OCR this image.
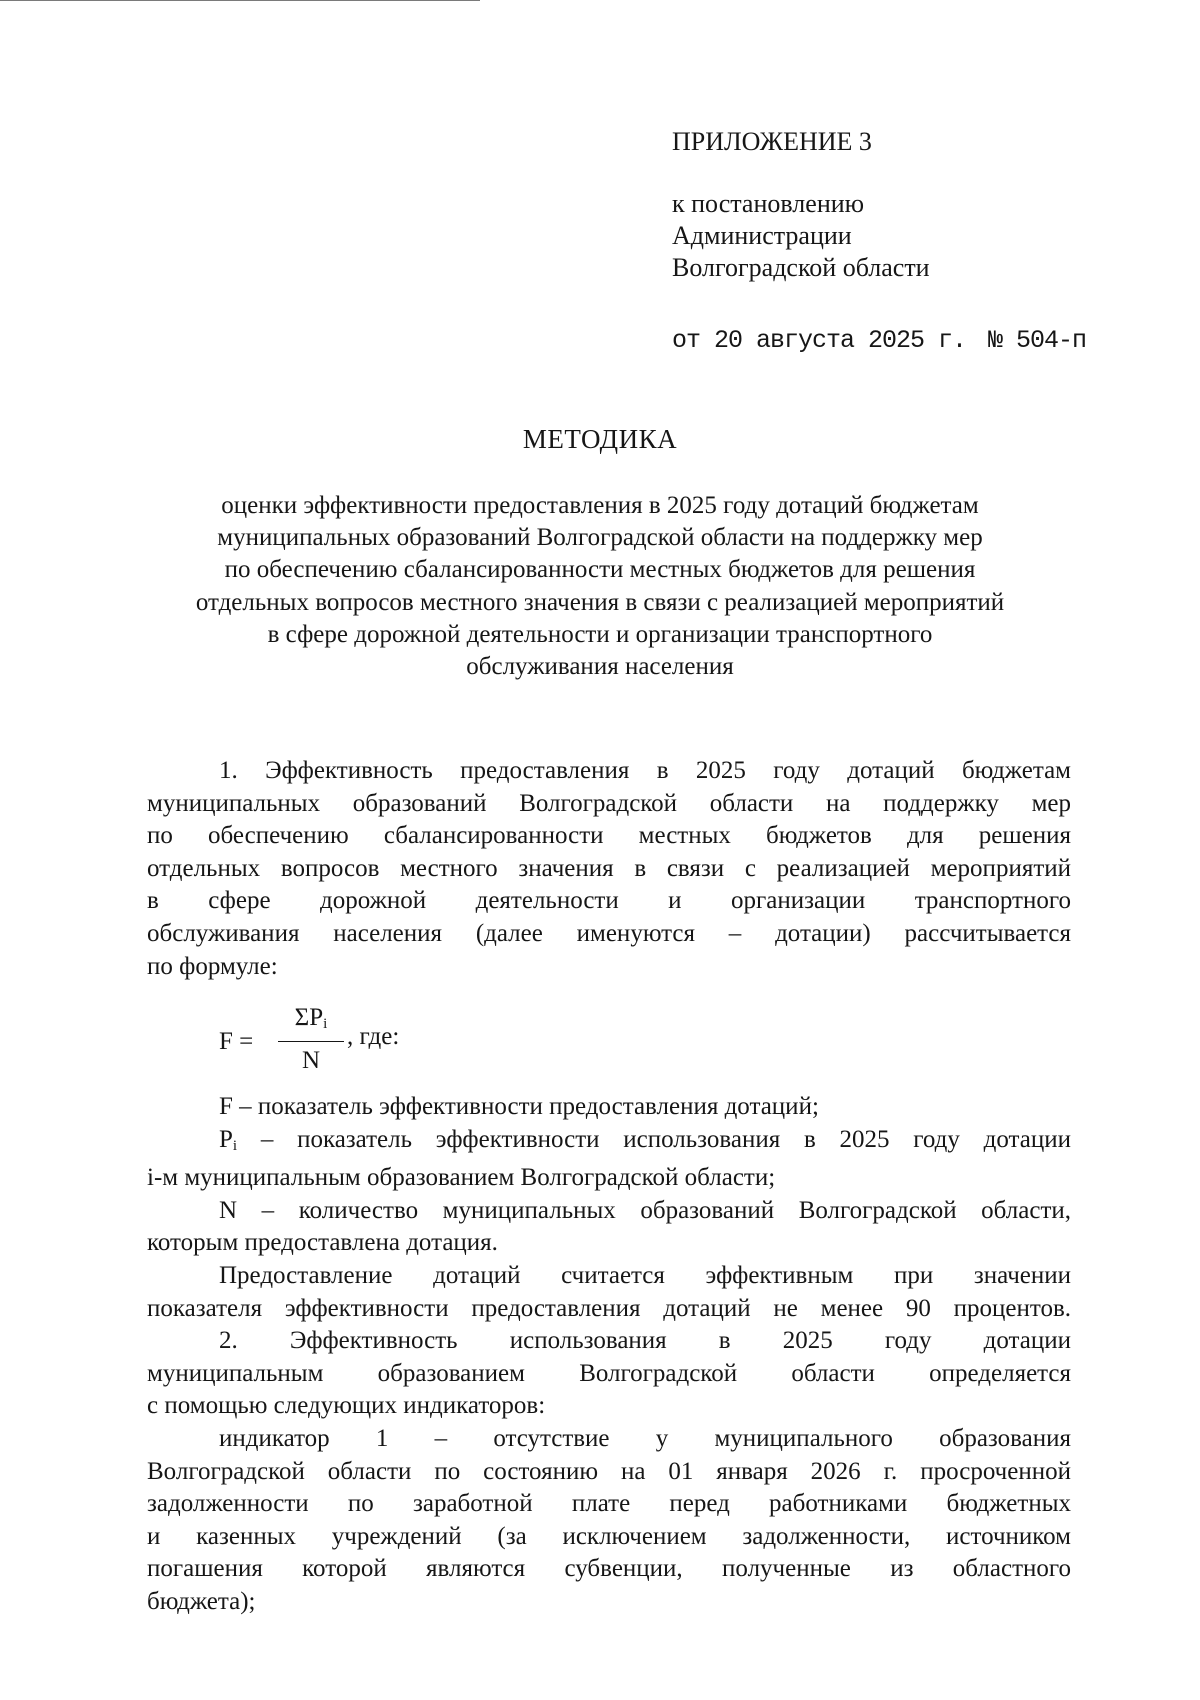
ПРИЛОЖЕНИЕ 3
к постановлению
Администрации
Волгоградской области
от 20 августа 2025 г. № 504-п
МЕТОДИКА
оценки эффективности предоставления в 2025 году дотаций бюджетам
муниципальных образований Волгоградской области на поддержку мер
по обеспечению сбалансированности местных бюджетов для решения
отдельных вопросов местного значения в связи с реализацией мероприятий
в сфере дорожной деятельности и организации транспортного
обслуживания населения
1. Эффективность предоставления в 2025 году дотаций бюджетам
муниципальных образований Волгоградской области на поддержку мер
по обеспечению сбалансированности местных бюджетов для решения
отдельных вопросов местного значения в связи с реализацией мероприятий
в сфере дорожной деятельности и организации транспортного
обслуживания населения (далее именуются – дотации) рассчитывается
по формуле:
F =
$\Sigma P_i$
N
, где:
F – показатель эффективности предоставления дотаций;
$P_i$ – показатель эффективности использования в 2025 году дотации
i-м муниципальным образованием Волгоградской области;
N – количество муниципальных образований Волгоградской области,
которым предоставлена дотация.
Предоставление дотаций считается эффективным при значении
показателя эффективности предоставления дотаций не менее 90 процентов.
2. Эффективность использования в 2025 году дотации
муниципальным образованием Волгоградской области определяется
с помощью следующих индикаторов:
индикатор 1 – отсутствие у муниципального образования
Волгоградской области по состоянию на 01 января 2026 г. просроченной
задолженности по заработной плате перед работниками бюджетных
и казенных учреждений (за исключением задолженности, источником
погашения которой являются субвенции, полученные из областного
бюджета);
